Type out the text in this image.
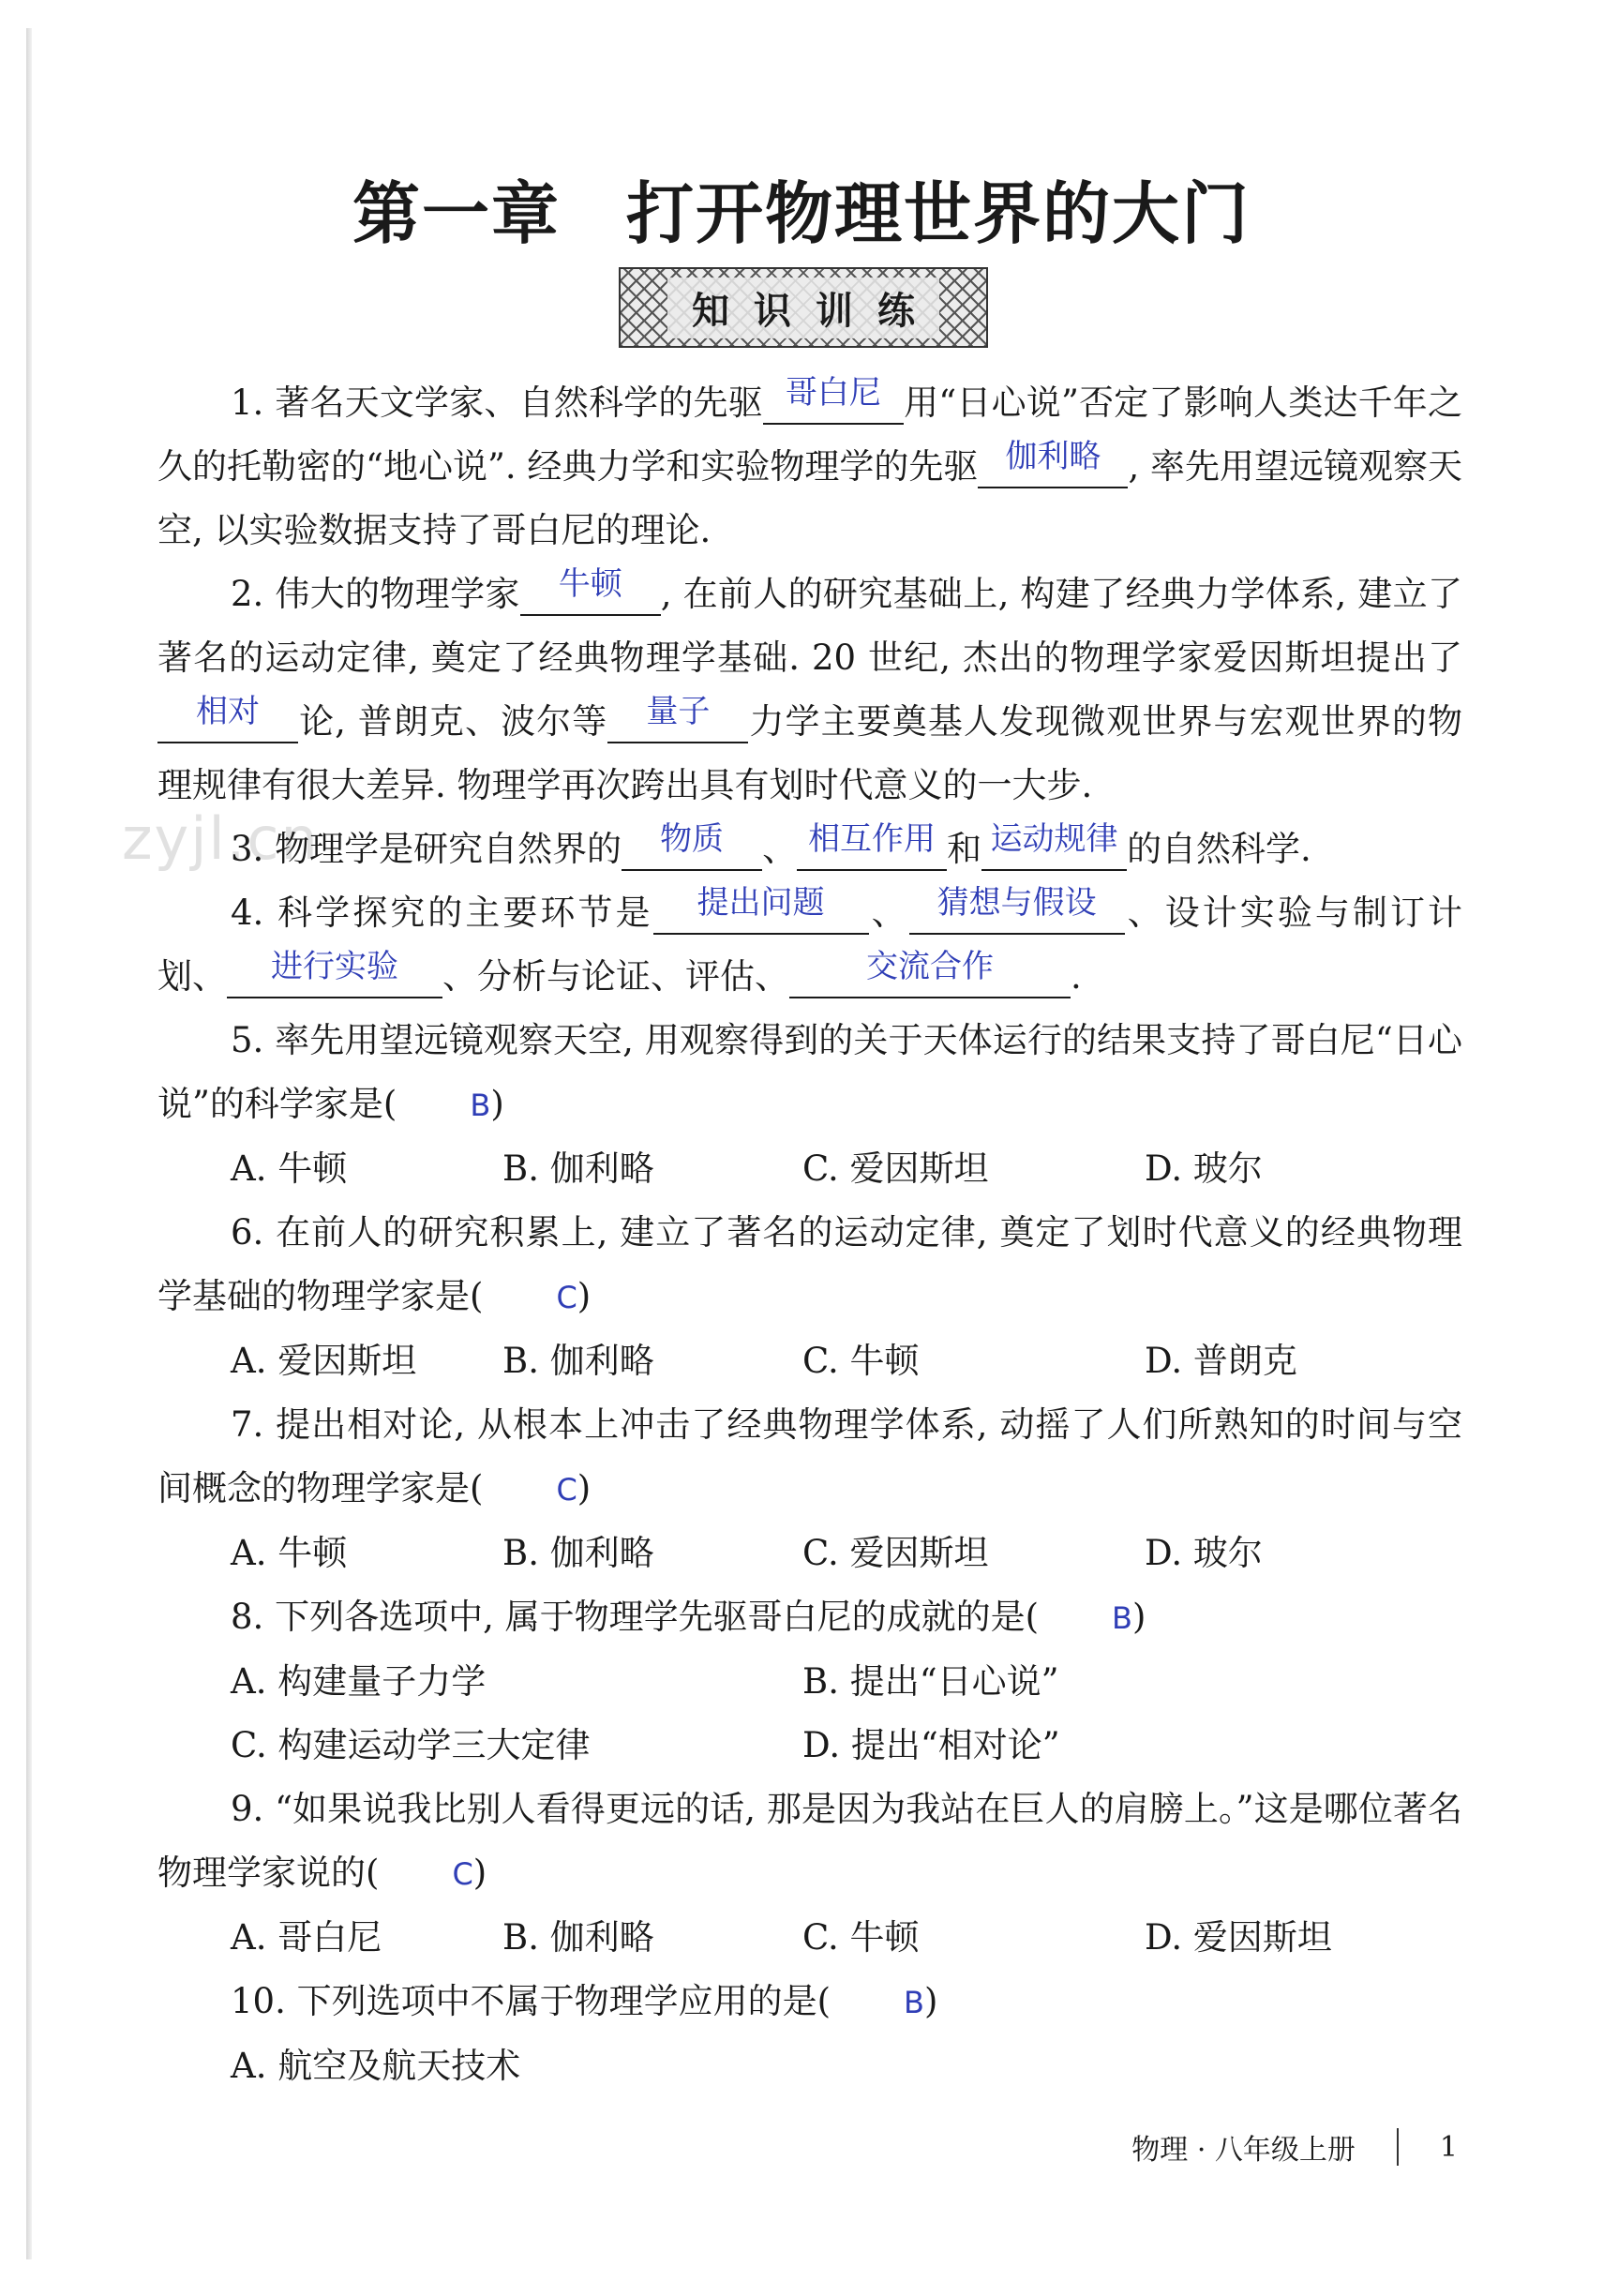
第一章 打开物理世界的大门
知识训练
zyjl.cn

1. 著名天文学家、自然科学的先驱 哥白尼 用“日心说”否定了影响人类达千年之久的托勒密的“地心说”. 经典力学和实验物理学的先驱 伽利略 , 率先用望远镜观察天空, 以实验数据支持了哥白尼的理论.

2. 伟大的物理学家 牛顿 , 在前人的研究基础上, 构建了经典力学体系, 建立了著名的运动定律, 奠定了经典物理学基础. 20 世纪, 杰出的物理学家爱因斯坦提出了相对 论, 普朗克、波尔等 量子 力学主要奠基人发现微观世界与宏观世界的物理规律有很大差异. 物理学再次跨出具有划时代意义的一大步.

3. 物理学是研究自然界的 物质 、 相互作用 和 运动规律 的自然科学.

4. 科学探究的主要环节是 提出问题 、 猜想与假设 、设计实验与制订计划、 进行实验 、分析与论证、评估、 交流合作 .

5. 率先用望远镜观察天空, 用观察得到的关于天体运行的结果支持了哥白尼“日心说”的科学家是( B)

A. 牛顿	B. 伽利略	C. 爱因斯坦	D. 玻尔

6. 在前人的研究积累上, 建立了著名的运动定律, 奠定了划时代意义的经典物理学基础的物理学家是( C)

A. 爱因斯坦	B. 伽利略	C. 牛顿	D. 普朗克

7. 提出相对论, 从根本上冲击了经典物理学体系, 动摇了人们所熟知的时间与空间概念的物理学家是( C)

A. 牛顿	B. 伽利略	C. 爱因斯坦	D. 玻尔

8. 下列各选项中, 属于物理学先驱哥白尼的成就的是( B)

A. 构建量子力学	B. 提出“日心说”
C. 构建运动学三大定律	D. 提出“相对论”

9. “如果说我比别人看得更远的话, 那是因为我站在巨人的肩膀上。”这是哪位著名物理学家说的( C)

A. 哥白尼	B. 伽利略	C. 牛顿	D. 爱因斯坦

10. 下列选项中不属于物理学应用的是( B)

A. 航空及航天技术
物理 · 八年级上册	1
